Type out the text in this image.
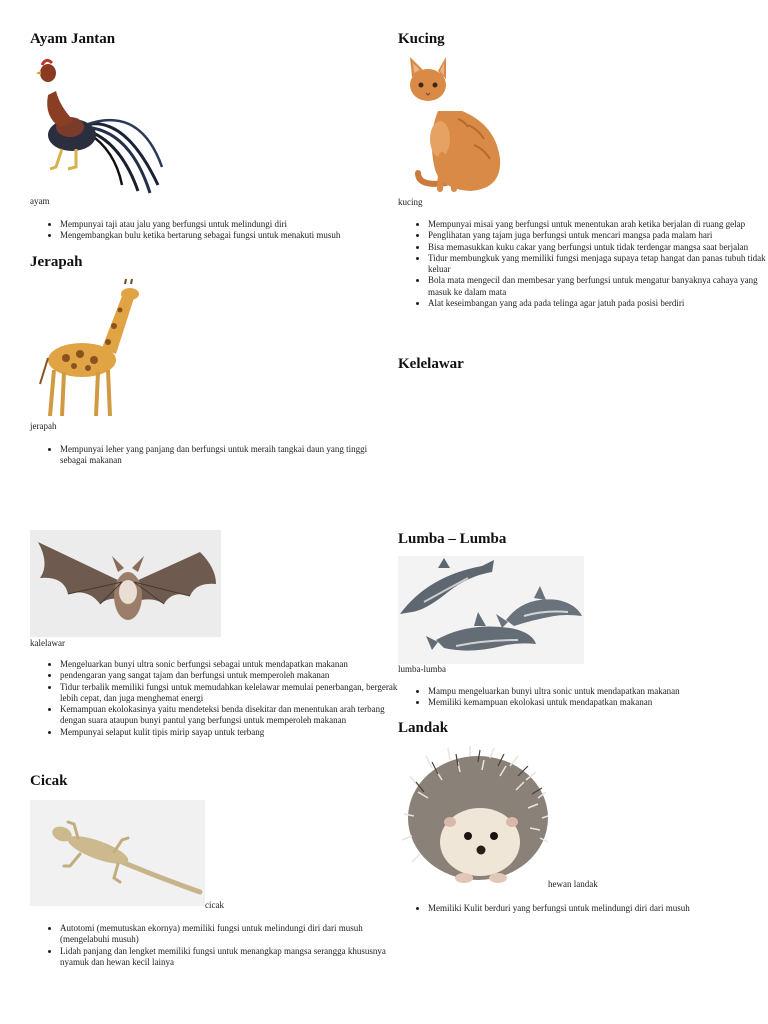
Ayam Jantan
ayam
• Mempunyai taji atau jalu yang berfungsi untuk melindungi diri
• Mengembangkan bulu ketika bertarung sebagai fungsi untuk menakuti musuh
Jerapah
jerapah
• Mempunyai leher yang panjang dan berfungsi untuk meraih tangkai daun yang tinggi sebagai makanan
kalelawar
• Mengeluarkan bunyi ultra sonic berfungsi sebagai untuk mendapatkan makanan
• pendengaran yang sangat tajam dan berfungsi untuk memperoleh makanan
• Tidur terbalik memiliki fungsi untuk memudahkan kelelawar memulai penerbangan, bergerak lebih cepat, dan juga menghemat energi
• Kemampuan ekolokasinya yaitu mendeteksi benda disekitar dan menentukan arah terbang dengan suara ataupun bunyi pantul yang berfungsi untuk memperoleh makanan
• Mempunyai selaput kulit tipis mirip sayap untuk terbang
Cicak
cicak
• Autotomi (memutuskan ekornya) memiliki fungsi untuk melindungi diri dari musuh (mengelabuhi musuh)
• Lidah panjang dan lengket memiliki fungsi untuk menangkap mangsa serangga khususnya nyamuk dan hewan kecil lainya
Kucing
kucing
• Mempunyai misai yang berfungsi untuk menentukan arah ketika berjalan di ruang gelap
• Penglihatan yang tajam juga berfungsi untuk mencari mangsa pada malam hari
• Bisa memasukkan kuku cakar yang berfungsi untuk tidak terdengar mangsa saat berjalan
• Tidur membungkuk yang memiliki fungsi menjaga supaya tetap hangat dan panas tubuh tidak keluar
• Bola mata mengecil dan membesar yang berfungsi untuk mengatur banyaknya cahaya yang masuk ke dalam mata
• Alat keseimbangan yang ada pada telinga agar jatuh pada posisi berdiri
Kelelawar
Lumba – Lumba
lumba-lumba
• Mampu mengeluarkan bunyi ultra sonic untuk mendapatkan makanan
• Memiliki kemampuan ekolokasi untuk mendapatkan makanan
Landak
hewan landak
• Memiliki Kulit berduri yang berfungsi untuk melindungi diri dari musuh
